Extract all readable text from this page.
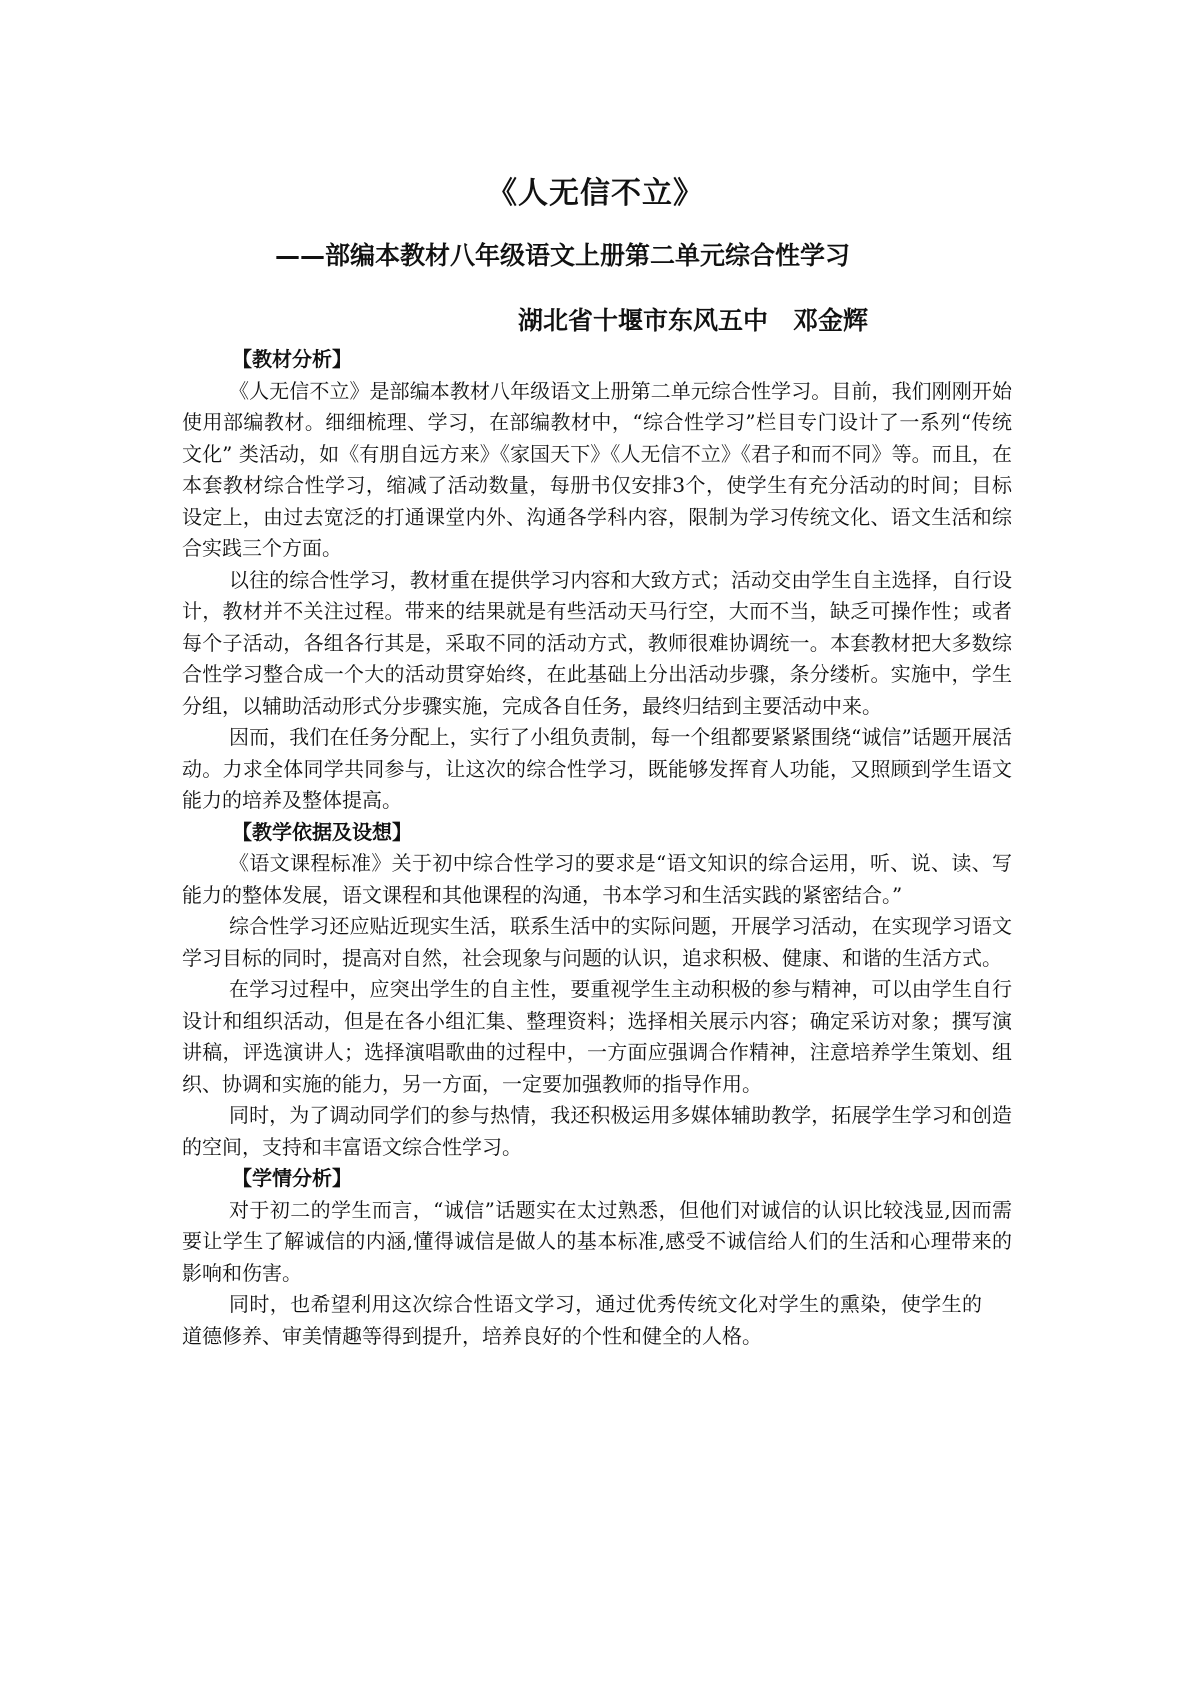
《人无信不立》
——部编本教材八年级语文上册第二单元综合性学习
湖北省十堰市东风五中　邓金辉

【教材分析】

《人无信不立》是部编本教材八年级语文上册第二单元综合性学习。目前，我们刚刚开始使用部编教材。细细梳理、学习，在部编教材中，“综合性学习”栏目专门设计了一系列“传统文化” 类活动，如《有朋自远方来》《家国天下》《人无信不立》《君子和而不同》等。而且，在本套教材综合性学习，缩减了活动数量，每册书仅安排3个，使学生有充分活动的时间；目标设定上，由过去宽泛的打通课堂内外、沟通各学科内容，限制为学习传统文化、语文生活和综合实践三个方面。

以往的综合性学习，教材重在提供学习内容和大致方式；活动交由学生自主选择，自行设计，教材并不关注过程。带来的结果就是有些活动天马行空，大而不当，缺乏可操作性；或者每个子活动，各组各行其是，采取不同的活动方式，教师很难协调统一。本套教材把大多数综合性学习整合成一个大的活动贯穿始终，在此基础上分出活动步骤，条分缕析。实施中，学生分组，以辅助活动形式分步骤实施，完成各自任务，最终归结到主要活动中来。

因而，我们在任务分配上，实行了小组负责制，每一个组都要紧紧围绕“诚信”话题开展活动。力求全体同学共同参与，让这次的综合性学习，既能够发挥育人功能，又照顾到学生语文能力的培养及整体提高。

【教学依据及设想】

《语文课程标准》关于初中综合性学习的要求是“语文知识的综合运用，听、说、读、写能力的整体发展，语文课程和其他课程的沟通，书本学习和生活实践的紧密结合。”

综合性学习还应贴近现实生活，联系生活中的实际问题，开展学习活动，在实现学习语文学习目标的同时，提高对自然，社会现象与问题的认识，追求积极、健康、和谐的生活方式。

在学习过程中，应突出学生的自主性，要重视学生主动积极的参与精神，可以由学生自行设计和组织活动，但是在各小组汇集、整理资料；选择相关展示内容；确定采访对象；撰写演讲稿，评选演讲人；选择演唱歌曲的过程中，一方面应强调合作精神，注意培养学生策划、组织、协调和实施的能力，另一方面，一定要加强教师的指导作用。

同时，为了调动同学们的参与热情，我还积极运用多媒体辅助教学，拓展学生学习和创造的空间，支持和丰富语文综合性学习。

【学情分析】

对于初二的学生而言，“诚信”话题实在太过熟悉，但他们对诚信的认识比较浅显,因而需要让学生了解诚信的内涵,懂得诚信是做人的基本标准,感受不诚信给人们的生活和心理带来的影响和伤害。

同时，也希望利用这次综合性语文学习，通过优秀传统文化对学生的熏染，使学生的道德修养、审美情趣等得到提升，培养良好的个性和健全的人格。
